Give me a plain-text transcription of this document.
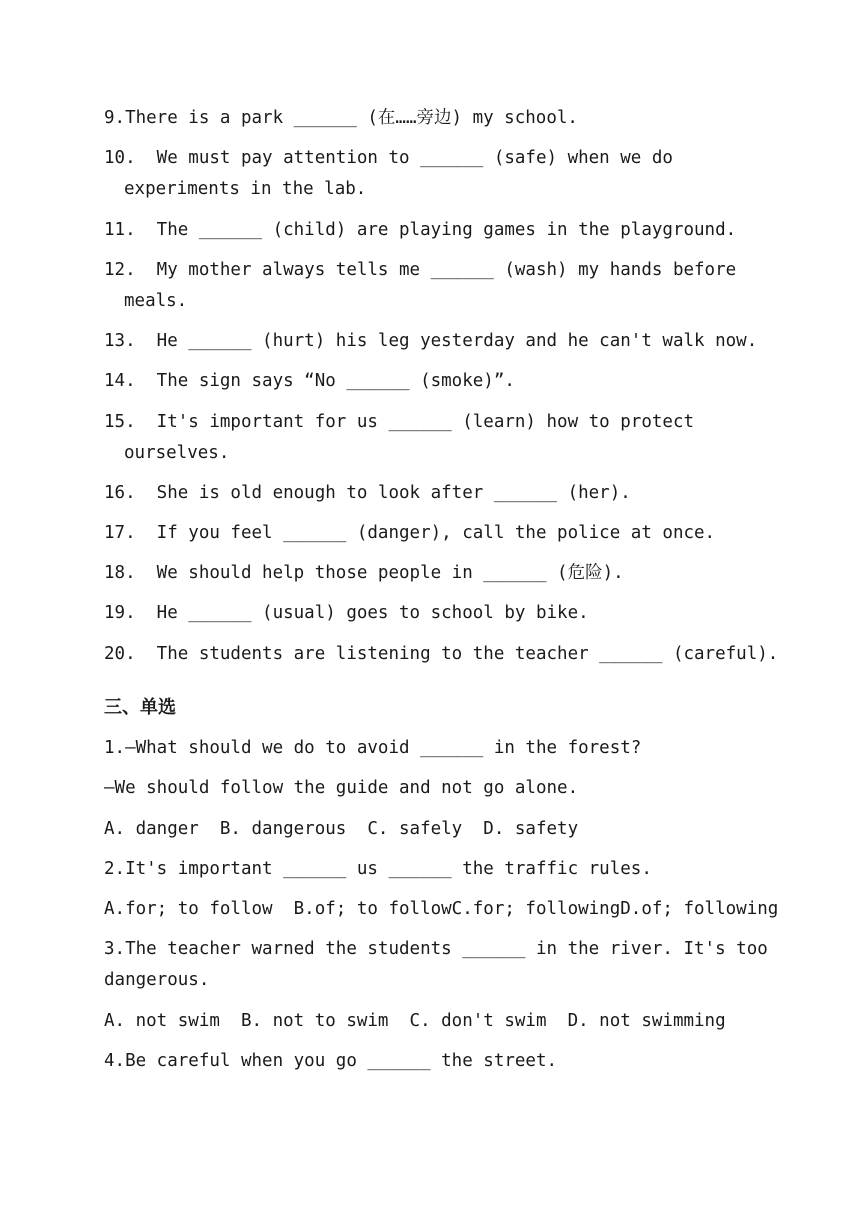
9.There is a park ______ (在……旁边) my school.
10.  We must pay attention to ______ (safe) when we do
experiments in the lab.
11.  The ______ (child) are playing games in the playground.
12.  My mother always tells me ______ (wash) my hands before
meals.
13.  He ______ (hurt) his leg yesterday and he can't walk now.
14.  The sign says “No ______ (smoke)”.
15.  It's important for us ______ (learn) how to protect
ourselves.
16.  She is old enough to look after ______ (her).
17.  If you feel ______ (danger), call the police at once.
18.  We should help those people in ______ (危险).
19.  He ______ (usual) goes to school by bike.
20.  The students are listening to the teacher ______ (careful).
三、单选
1.—What should we do to avoid ______ in the forest?
—We should follow the guide and not go alone.
A. danger  B. dangerous  C. safely  D. safety
2.It's important ______ us ______ the traffic rules.
A.for; to follow  B.of; to followC.for; followingD.of; following
3.The teacher warned the students ______ in the river. It's too
dangerous.
A. not swim  B. not to swim  C. don't swim  D. not swimming
4.Be careful when you go ______ the street.
